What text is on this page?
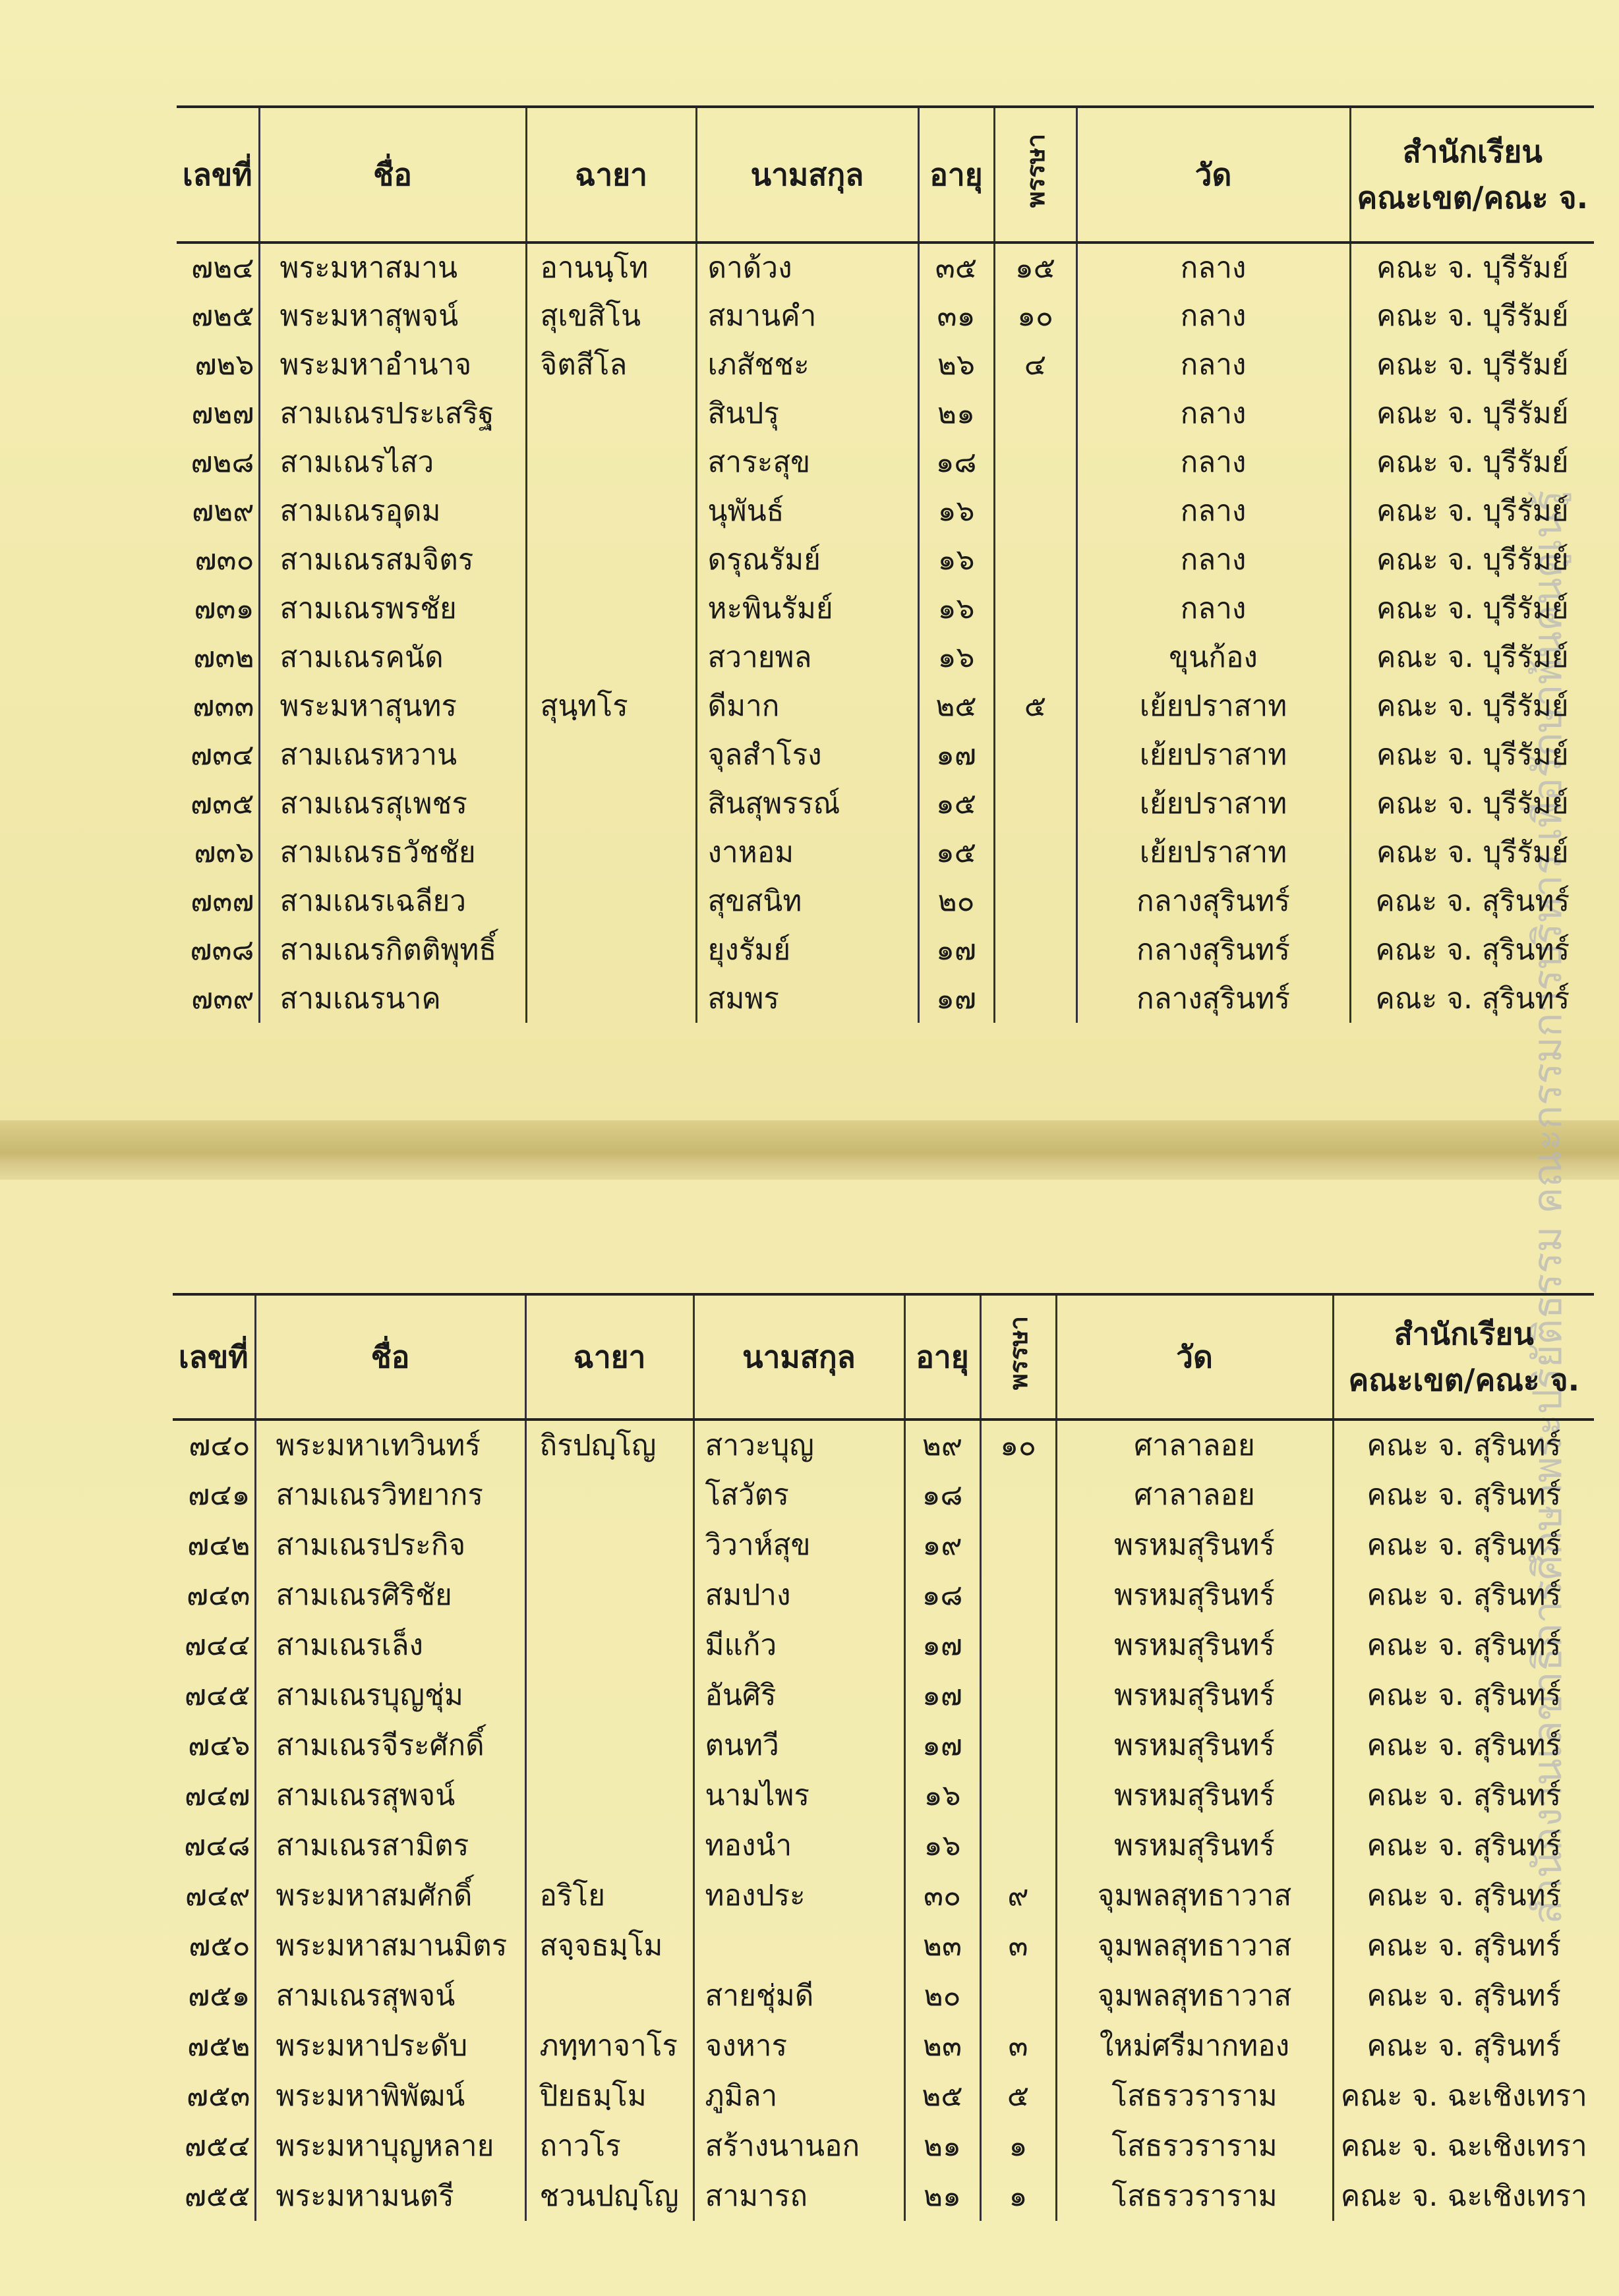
สำนักงานเลขาธิการศึกษาพระปริยัติธรรม คณะกรรมการบริหาร เพื่อรักษาพ้นคนดูเนรู้
เลขที่	ชื่อ	ฉายา	นามสกุล	อายุ	พรรษา	วัด	สำนักเรียน
คณะเขต/คณะ จ.

๗๒๔	พระมหาสมาน	อานนฺโท	ดาด้วง	๓๕	๑๕	กลาง	คณะ จ. บุรีรัมย์
๗๒๕	พระมหาสุพจน์	สุเขสิโน	สมานคำ	๓๑	๑๐	กลาง	คณะ จ. บุรีรัมย์
๗๒๖	พระมหาอำนาจ	จิตสีโล	เภสัชชะ	๒๖	๔	กลาง	คณะ จ. บุรีรัมย์
๗๒๗	สามเณรประเสริฐ		สินปรุ	๒๑		กลาง	คณะ จ. บุรีรัมย์
๗๒๘	สามเณรไสว		สาระสุข	๑๘		กลาง	คณะ จ. บุรีรัมย์
๗๒๙	สามเณรอุดม		นุพันธ์	๑๖		กลาง	คณะ จ. บุรีรัมย์
๗๓๐	สามเณรสมจิตร		ดรุณรัมย์	๑๖		กลาง	คณะ จ. บุรีรัมย์
๗๓๑	สามเณรพรชัย		หะพินรัมย์	๑๖		กลาง	คณะ จ. บุรีรัมย์
๗๓๒	สามเณรคนัด		สวายพล	๑๖		ขุนก้อง	คณะ จ. บุรีรัมย์
๗๓๓	พระมหาสุนทร	สุนฺทโร	ดีมาก	๒๕	๕	เย้ยปราสาท	คณะ จ. บุรีรัมย์
๗๓๔	สามเณรหวาน		จุลสำโรง	๑๗		เย้ยปราสาท	คณะ จ. บุรีรัมย์
๗๓๕	สามเณรสุเพชร		สินสุพรรณ์	๑๕		เย้ยปราสาท	คณะ จ. บุรีรัมย์
๗๓๖	สามเณรธวัชชัย		งาหอม	๑๕		เย้ยปราสาท	คณะ จ. บุรีรัมย์
๗๓๗	สามเณรเฉลียว		สุขสนิท	๒๐		กลางสุรินทร์	คณะ จ. สุรินทร์
๗๓๘	สามเณรกิตติพุทธิ์		ยุงรัมย์	๑๗		กลางสุรินทร์	คณะ จ. สุรินทร์
๗๓๙	สามเณรนาค		สมพร	๑๗		กลางสุรินทร์	คณะ จ. สุรินทร์
เลขที่	ชื่อ	ฉายา	นามสกุล	อายุ	พรรษา	วัด	สำนักเรียน
คณะเขต/คณะ จ.

๗๔๐	พระมหาเทวินทร์	ถิรปญฺโญ	สาวะบุญ	๒๙	๑๐	ศาลาลอย	คณะ จ. สุรินทร์
๗๔๑	สามเณรวิทยากร		โสวัตร	๑๘		ศาลาลอย	คณะ จ. สุรินทร์
๗๔๒	สามเณรประกิจ		วิวาห์สุข	๑๙		พรหมสุรินทร์	คณะ จ. สุรินทร์
๗๔๓	สามเณรศิริชัย		สมปาง	๑๘		พรหมสุรินทร์	คณะ จ. สุรินทร์
๗๔๔	สามเณรเล็ง		มีแก้ว	๑๗		พรหมสุรินทร์	คณะ จ. สุรินทร์
๗๔๕	สามเณรบุญชุ่ม		อันศิริ	๑๗		พรหมสุรินทร์	คณะ จ. สุรินทร์
๗๔๖	สามเณรจีระศักดิ์		ตนทวี	๑๗		พรหมสุรินทร์	คณะ จ. สุรินทร์
๗๔๗	สามเณรสุพจน์		นามไพร	๑๖		พรหมสุรินทร์	คณะ จ. สุรินทร์
๗๔๘	สามเณรสามิตร		ทองนำ	๑๖		พรหมสุรินทร์	คณะ จ. สุรินทร์
๗๔๙	พระมหาสมศักดิ์	อริโย	ทองประ	๓๐	๙	จุมพลสุทธาวาส	คณะ จ. สุรินทร์
๗๕๐	พระมหาสมานมิตร	สจฺจธมฺโม		๒๓	๓	จุมพลสุทธาวาส	คณะ จ. สุรินทร์
๗๕๑	สามเณรสุพจน์		สายชุ่มดี	๒๐		จุมพลสุทธาวาส	คณะ จ. สุรินทร์
๗๕๒	พระมหาประดับ	ภทฺทาจาโร	จงหาร	๒๓	๓	ใหม่ศรีมากทอง	คณะ จ. สุรินทร์
๗๕๓	พระมหาพิพัฒน์	ปิยธมฺโม	ภูมิลา	๒๕	๕	โสธรวราราม	คณะ จ. ฉะเชิงเทรา
๗๕๔	พระมหาบุญหลาย	ถาวโร	สร้างนานอก	๒๑	๑	โสธรวราราม	คณะ จ. ฉะเชิงเทรา
๗๕๕	พระมหามนตรี	ชวนปญฺโญ	สามารถ	๒๑	๑	โสธรวราราม	คณะ จ. ฉะเชิงเทรา
